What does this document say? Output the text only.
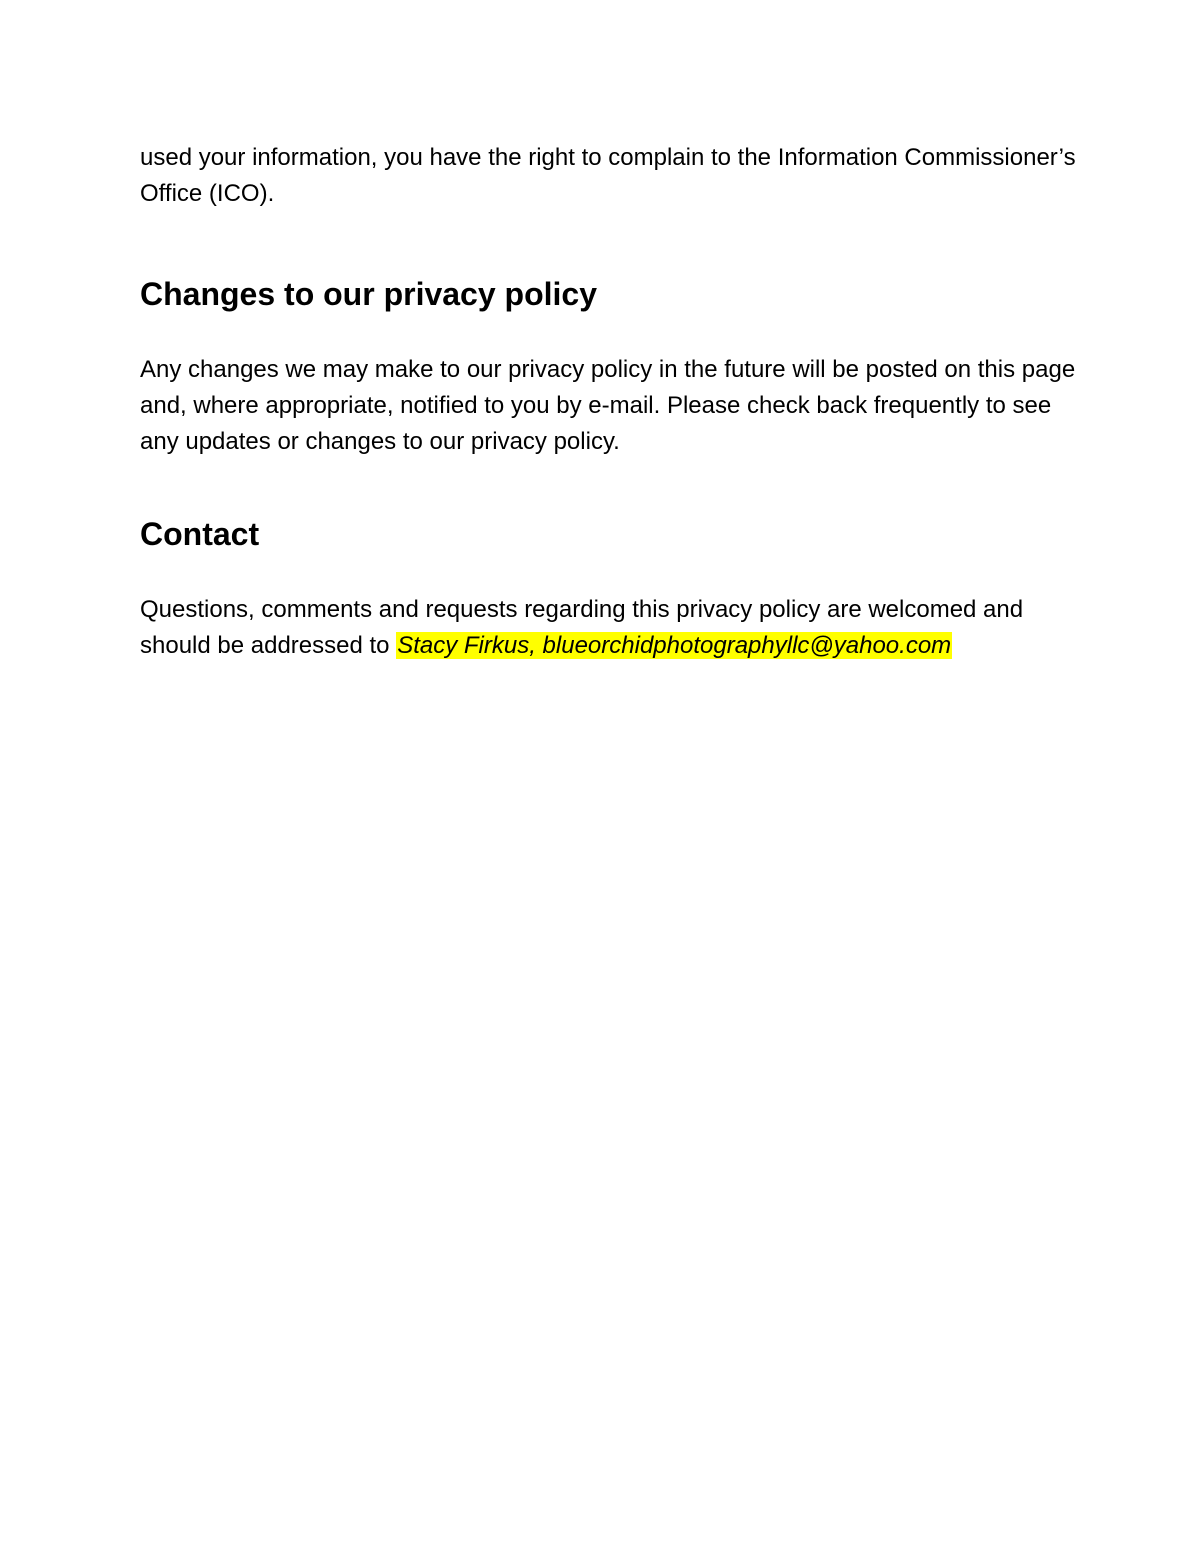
used your information, you have the right to complain to the Information Commissioner’s Office (ICO).

Changes to our privacy policy

Any changes we may make to our privacy policy in the future will be posted on this page and, where appropriate, notified to you by e-mail. Please check back frequently to see any updates or changes to our privacy policy.

Contact

Questions, comments and requests regarding this privacy policy are welcomed and should be addressed to Stacy Firkus, blueorchidphotographyllc@yahoo.com
